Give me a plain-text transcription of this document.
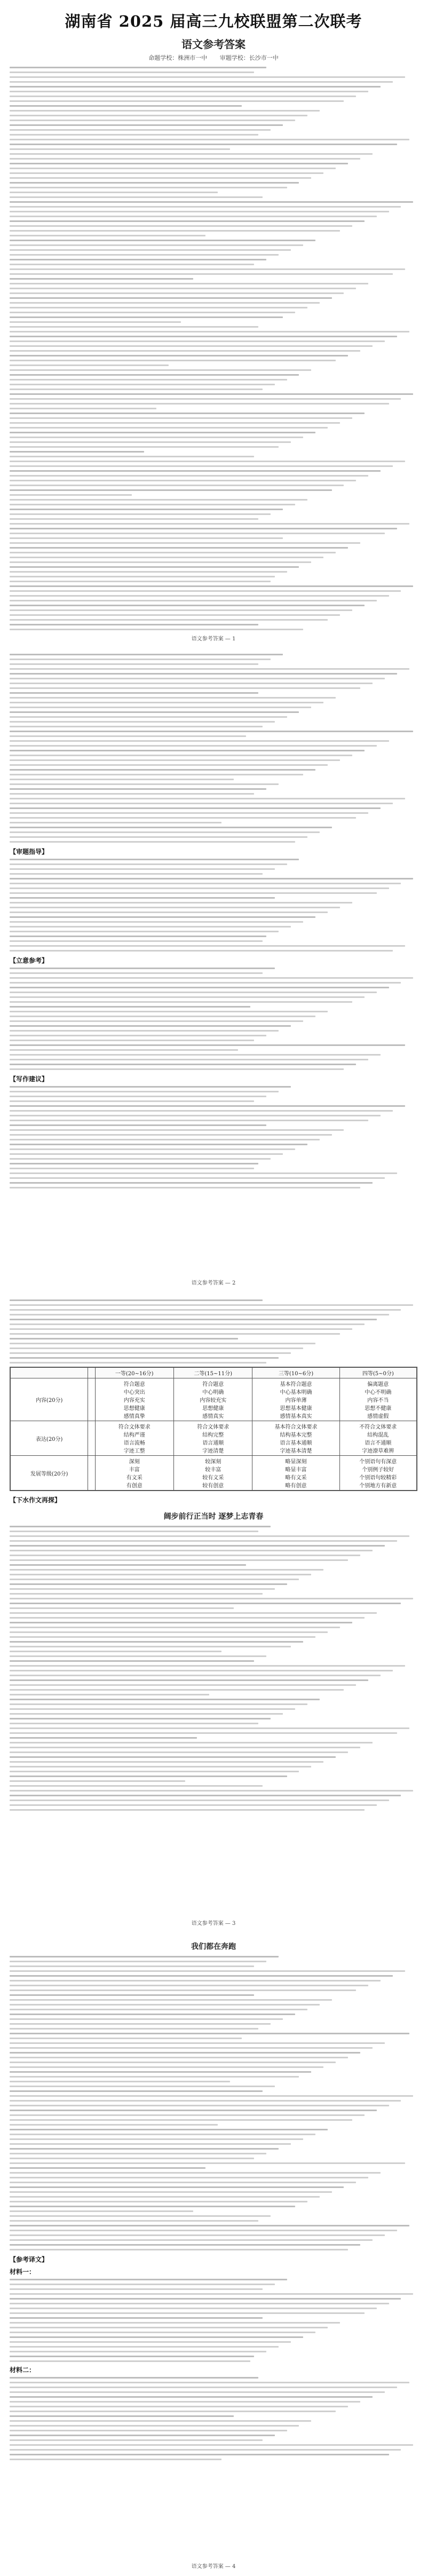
湖南省 2025 届高三九校联盟第二次联考
语文参考答案
命题学校：株洲市一中 审题学校：长沙市一中
语文参考答案 — 1
【审题指导】
【立意参考】
【写作建议】
语文参考答案 — 2
		一等(20~16分)	二等(15~11分)	三等(10~6分)	四等(5~0分)
内容(20分)		符合题意
中心突出
内容充实
思想健康
感情真挚	符合题意
中心明确
内容较充实
思想健康
感情真实	基本符合题意
中心基本明确
内容单薄
思想基本健康
感情基本真实	偏离题意
中心不明确
内容不当
思想不健康
感情虚假
表达(20分)		符合文体要求
结构严谨
语言流畅
字迹工整	符合文体要求
结构完整
语言通顺
字迹清楚	基本符合文体要求
结构基本完整
语言基本通顺
字迹基本清楚	不符合文体要求
结构混乱
语言不通顺
字迹潦草难辨
发展等级(20分)		深刻
丰富
有文采
有创意	较深刻
较丰富
较有文采
较有创意	略显深刻
略显丰富
略有文采
略有创意	个别语句有深意
个别例子较好
个别语句较精彩
个别地方有新意
【下水作文再探】
阔步前行正当时 逐梦上志青春
语文参考答案 — 3
我们都在奔跑
【参考译文】
材料一：
材料二：
语文参考答案 — 4
